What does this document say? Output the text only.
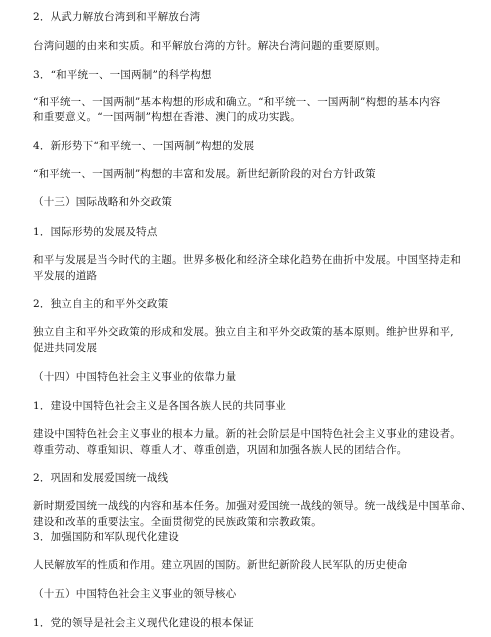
2．从武力解放台湾到和平解放台湾

台湾问题的由来和实质。和平解放台湾的方针。解决台湾问题的重要原则。

3．“和平统一、一国两制”的科学构想

“和平统一、一国两制”基本构想的形成和确立。“和平统一、一国两制”构想的基本内容

和重要意义。“一国两制”构想在香港、澳门的成功实践。

4．新形势下“和平统一、一国两制”构想的发展

“和平统一、一国两制”构想的丰富和发展。新世纪新阶段的对台方针政策

（十三）国际战略和外交政策

1．国际形势的发展及特点

和平与发展是当今时代的主题。世界多极化和经济全球化趋势在曲折中发展。中国坚持走和

平发展的道路

2．独立自主的和平外交政策

独立自主和平外交政策的形成和发展。独立自主和平外交政策的基本原则。维护世界和平,

促进共同发展

（十四）中国特色社会主义事业的依靠力量

1．建设中国特色社会主义是各国各族人民的共同事业

建设中国特色社会主义事业的根本力量。新的社会阶层是中国特色社会主义事业的建设者。

尊重劳动、尊重知识、尊重人才、尊重创造，巩固和加强各族人民的团结合作。

2．巩固和发展爱国统一战线

新时期爱国统一战线的内容和基本任务。加强对爱国统一战线的领导。统一战线是中国革命、

建设和改革的重要法宝。全面贯彻党的民族政策和宗教政策。

3．加强国防和军队现代化建设

人民解放军的性质和作用。建立巩固的国防。新世纪新阶段人民军队的历史使命

（十五）中国特色社会主义事业的领导核心

1．党的领导是社会主义现代化建设的根本保证
